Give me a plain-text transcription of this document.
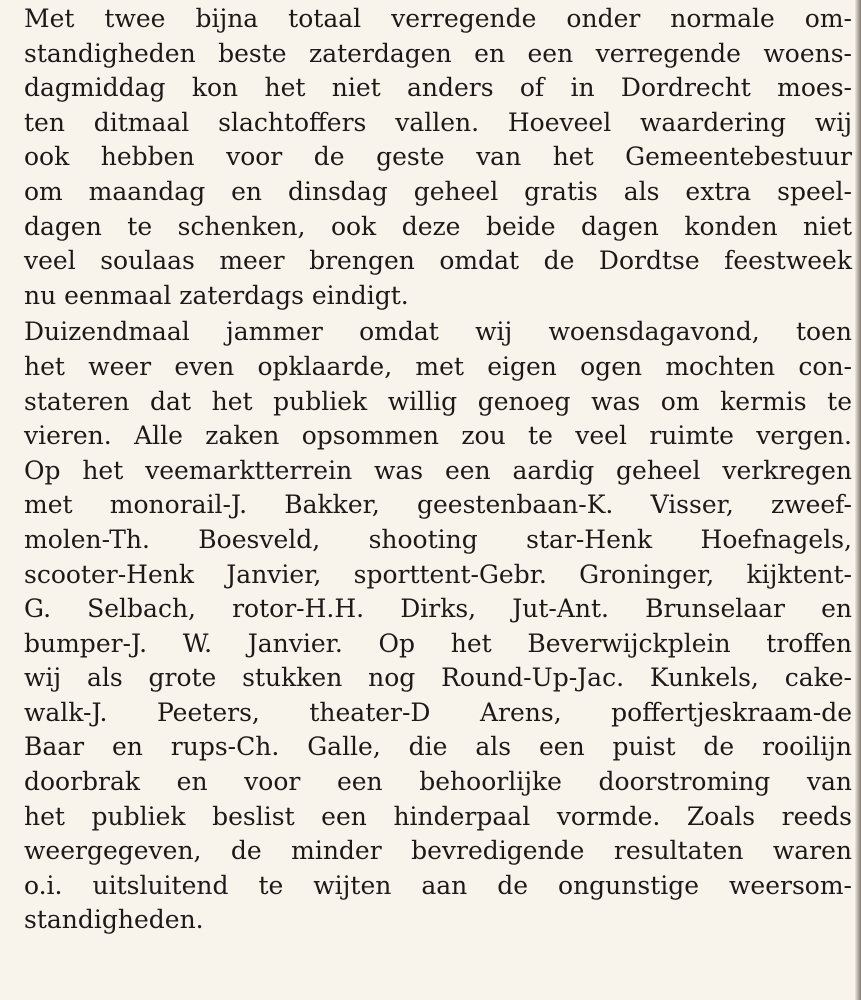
Met twee bijna totaal verregende onder normale om-
standigheden beste zaterdagen en een verregende woens-
dagmiddag kon het niet anders of in Dordrecht moes-
ten ditmaal slachtoffers vallen. Hoeveel waardering wij
ook hebben voor de geste van het Gemeentebestuur
om maandag en dinsdag geheel gratis als extra speel-
dagen te schenken, ook deze beide dagen konden niet
veel soulaas meer brengen omdat de Dordtse feestweek
nu eenmaal zaterdags eindigt.
Duizendmaal jammer omdat wij woensdagavond, toen
het weer even opklaarde, met eigen ogen mochten con-
stateren dat het publiek willig genoeg was om kermis te
vieren. Alle zaken opsommen zou te veel ruimte vergen.
Op het veemarktterrein was een aardig geheel verkregen
met monorail-J. Bakker, geestenbaan-K. Visser, zweef-
molen-Th. Boesveld, shooting star-Henk Hoefnagels,
scooter-Henk Janvier, sporttent-Gebr. Groninger, kijktent-
G. Selbach, rotor-H.H. Dirks, Jut-Ant. Brunselaar en
bumper-J. W. Janvier. Op het Beverwijckplein troffen
wij als grote stukken nog Round-Up-Jac. Kunkels, cake-
walk-J. Peeters, theater-D Arens, poffertjeskraam-de
Baar en rups-Ch. Galle, die als een puist de rooilijn
doorbrak en voor een behoorlijke doorstroming van
het publiek beslist een hinderpaal vormde. Zoals reeds
weergegeven, de minder bevredigende resultaten waren
o.i. uitsluitend te wijten aan de ongunstige weersom-
standigheden.
